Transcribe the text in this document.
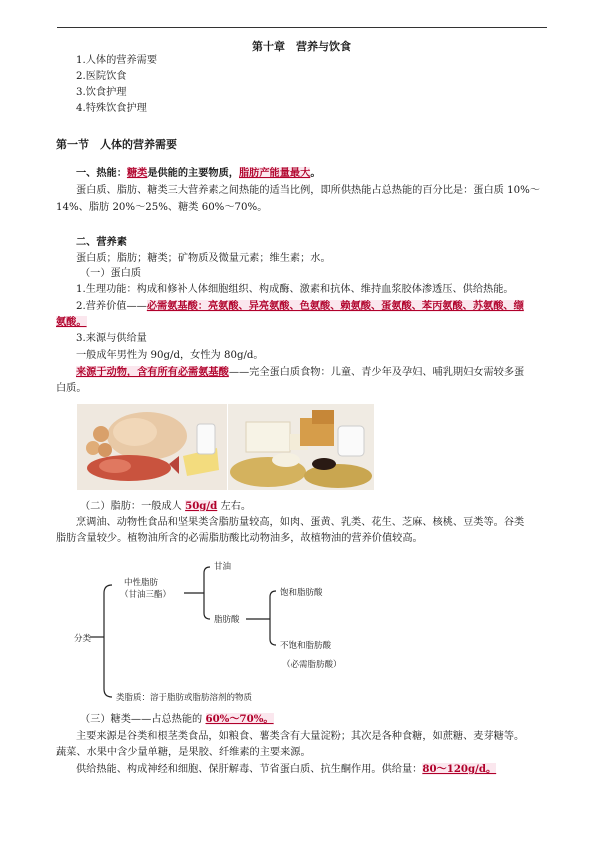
第十章　营养与饮食
1.人体的营养需要
2.医院饮食
3.饮食护理
4.特殊饮食护理
第一节　人体的营养需要
一、热能：糖类是供能的主要物质，脂肪产能量最大。
蛋白质、脂肪、糖类三大营养素之间热能的适当比例，即所供热能占总热能的百分比是：蛋白质 10%～
14%、脂肪 20%～25%、糖类 60%～70%。
二、营养素
蛋白质；脂肪；糖类；矿物质及微量元素；维生素；水。
（一）蛋白质
1.生理功能：构成和修补人体细胞组织、构成酶、激素和抗体、维持血浆胶体渗透压、供给热能。
2.营养价值——必需氨基酸：亮氨酸、异亮氨酸、色氨酸、赖氨酸、蛋氨酸、苯丙氨酸、苏氨酸、缬
氨酸。
3.来源与供给量
一般成年男性为 90g/d，女性为 80g/d。
来源于动物，含有所有必需氨基酸——完全蛋白质食物：儿童、青少年及孕妇、哺乳期妇女需较多蛋
白质。
（二）脂肪：一般成人 50g/d 左右。
烹调油、动物性食品和坚果类含脂肪量较高，如肉、蛋黄、乳类、花生、芝麻、核桃、豆类等。谷类
脂肪含量较少。植物油所含的必需脂肪酸比动物油多，故植物油的营养价值较高。
分类
中性脂肪
（甘油三酯）
甘油
脂肪酸
饱和脂肪酸
不饱和脂肪酸
（必需脂肪酸）
类脂质：溶于脂肪或脂肪溶剂的物质
（三）糖类——占总热能的 60%～70%。
主要来源是谷类和根茎类食品，如粮食、薯类含有大量淀粉；其次是各种食糖，如蔗糖、麦芽糖等。
蔬菜、水果中含少量单糖，是果胶、纤维素的主要来源。
供给热能、构成神经和细胞、保肝解毒、节省蛋白质、抗生酮作用。供给量：80～120g/d。
